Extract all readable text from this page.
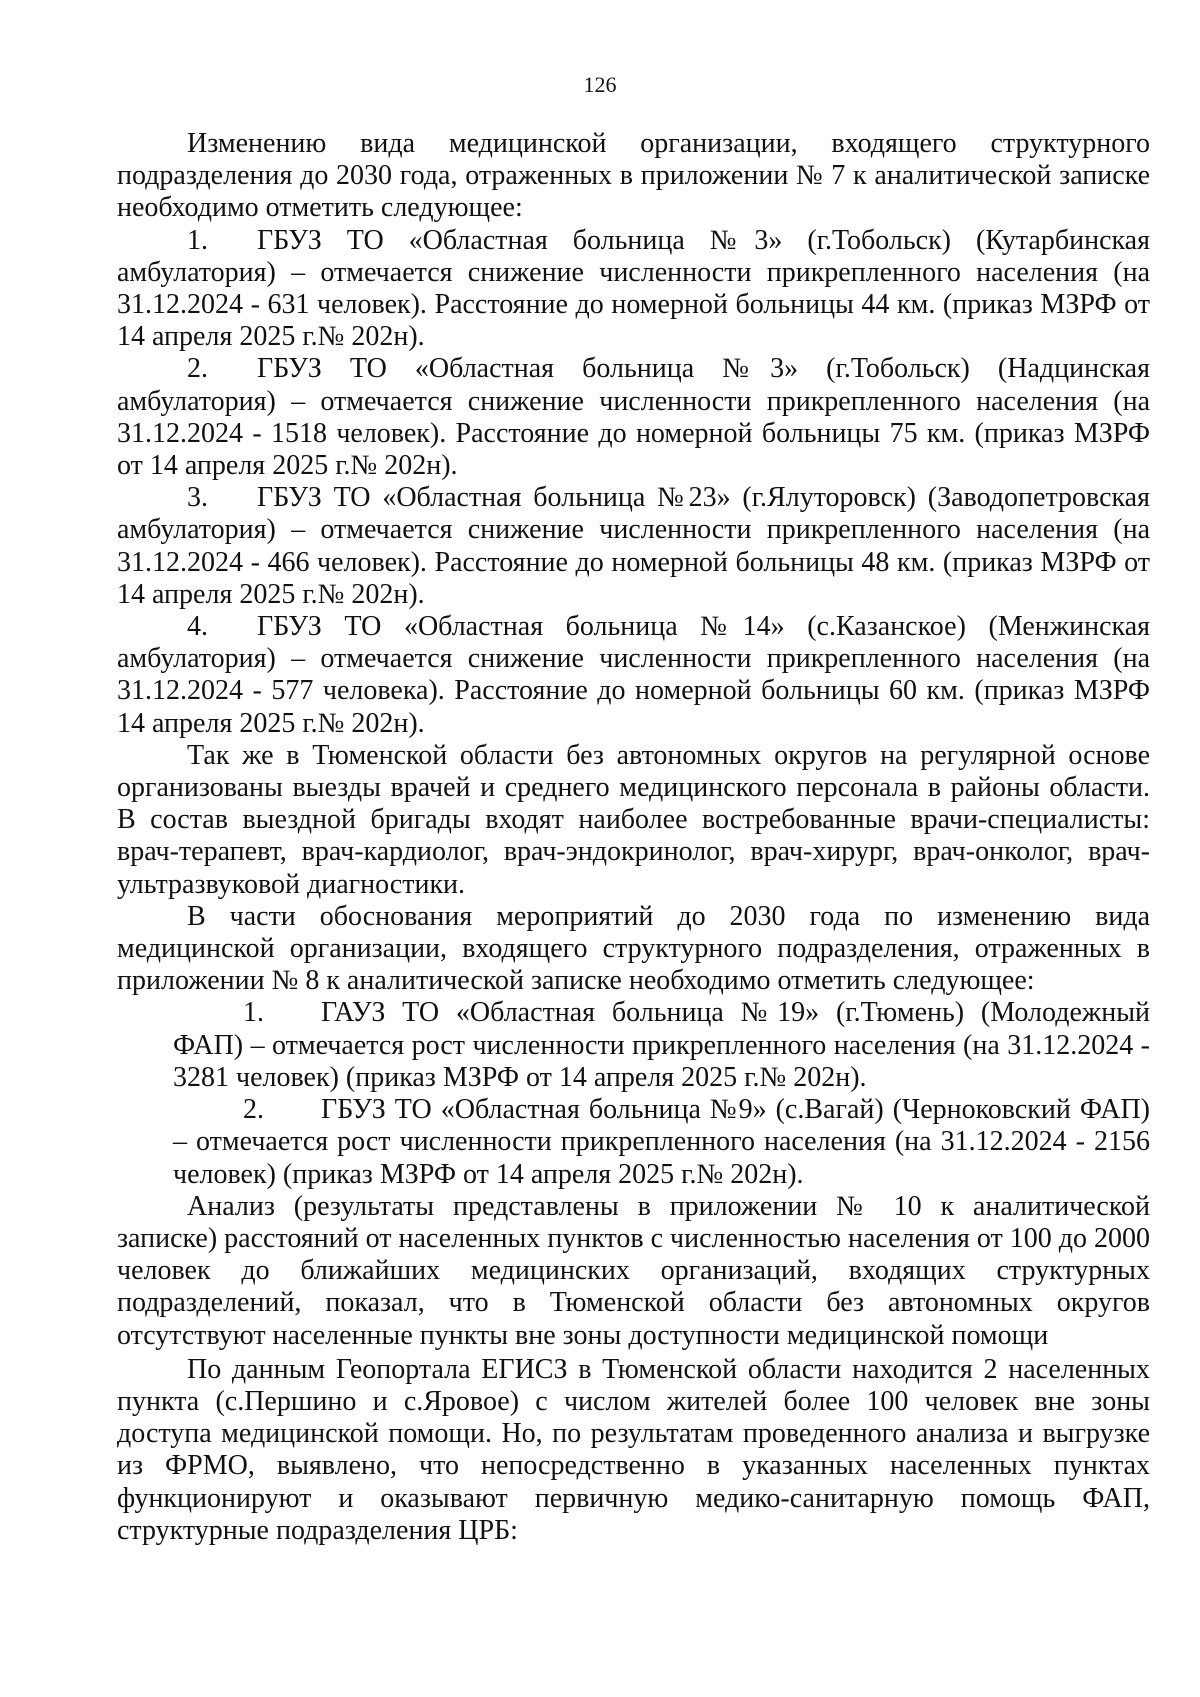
126

Изменению вида медицинской организации, входящего структурного подразделения до 2030 года, отраженных в приложении № 7 к аналитической записке необходимо отметить следующее:

1. ГБУЗ ТО «Областная больница №3» (г.Тобольск) (Кутарбинская амбулатория) – отмечается снижение численности прикрепленного населения (на 31.12.2024 - 631 человек). Расстояние до номерной больницы 44 км. (приказ МЗРФ от 14 апреля 2025 г.№ 202н).

2. ГБУЗ ТО «Областная больница №3» (г.Тобольск) (Надцинская амбулатория) – отмечается снижение численности прикрепленного населения (на 31.12.2024 - 1518 человек). Расстояние до номерной больницы 75 км. (приказ МЗРФ от 14 апреля 2025 г.№ 202н).

3. ГБУЗ ТО «Областная больница №23» (г.Ялуторовск) (Заводопетровская амбулатория) – отмечается снижение численности прикрепленного населения (на 31.12.2024 - 466 человек). Расстояние до номерной больницы 48 км. (приказ МЗРФ от 14 апреля 2025 г.№ 202н).

4. ГБУЗ ТО «Областная больница №14» (с.Казанское) (Менжинская амбулатория) – отмечается снижение численности прикрепленного населения (на 31.12.2024 - 577 человека). Расстояние до номерной больницы 60 км. (приказ МЗРФ 14 апреля 2025 г.№ 202н).

Так же в Тюменской области без автономных округов на регулярной основе организованы выезды врачей и среднего медицинского персонала в районы области. В состав выездной бригады входят наиболее востребованные врачи-специалисты: врач-терапевт, врач-кардиолог, врач-эндокринолог, врач-хирург, врач-онколог, врач-ультразвуковой диагностики.

В части обоснования мероприятий до 2030 года по изменению вида медицинской организации, входящего структурного подразделения, отраженных в приложении № 8 к аналитической записке необходимо отметить следующее:

1. ГАУЗ ТО «Областная больница №19» (г.Тюмень) (Молодежный ФАП) – отмечается рост численности прикрепленного населения (на 31.12.2024 - 3281 человек) (приказ МЗРФ от 14 апреля 2025 г.№ 202н).

2. ГБУЗ ТО «Областная больница №9» (с.Вагай) (Черноковский ФАП) – отмечается рост численности прикрепленного населения (на 31.12.2024 - 2156 человек) (приказ МЗРФ от 14 апреля 2025 г.№ 202н).

Анализ (результаты представлены в приложении № 10 к аналитической записке) расстояний от населенных пунктов с численностью населения от 100 до 2000 человек до ближайших медицинских организаций, входящих структурных подразделений, показал, что в Тюменской области без автономных округов отсутствуют населенные пункты вне зоны доступности медицинской помощи

По данным Геопортала ЕГИСЗ в Тюменской области находится 2 населенных пункта (с.Першино и с.Яровое) с числом жителей более 100 человек вне зоны доступа медицинской помощи. Но, по результатам проведенного анализа и выгрузке из ФРМО, выявлено, что непосредственно в указанных населенных пунктах функционируют и оказывают первичную медико-санитарную помощь ФАП, структурные подразделения ЦРБ:
